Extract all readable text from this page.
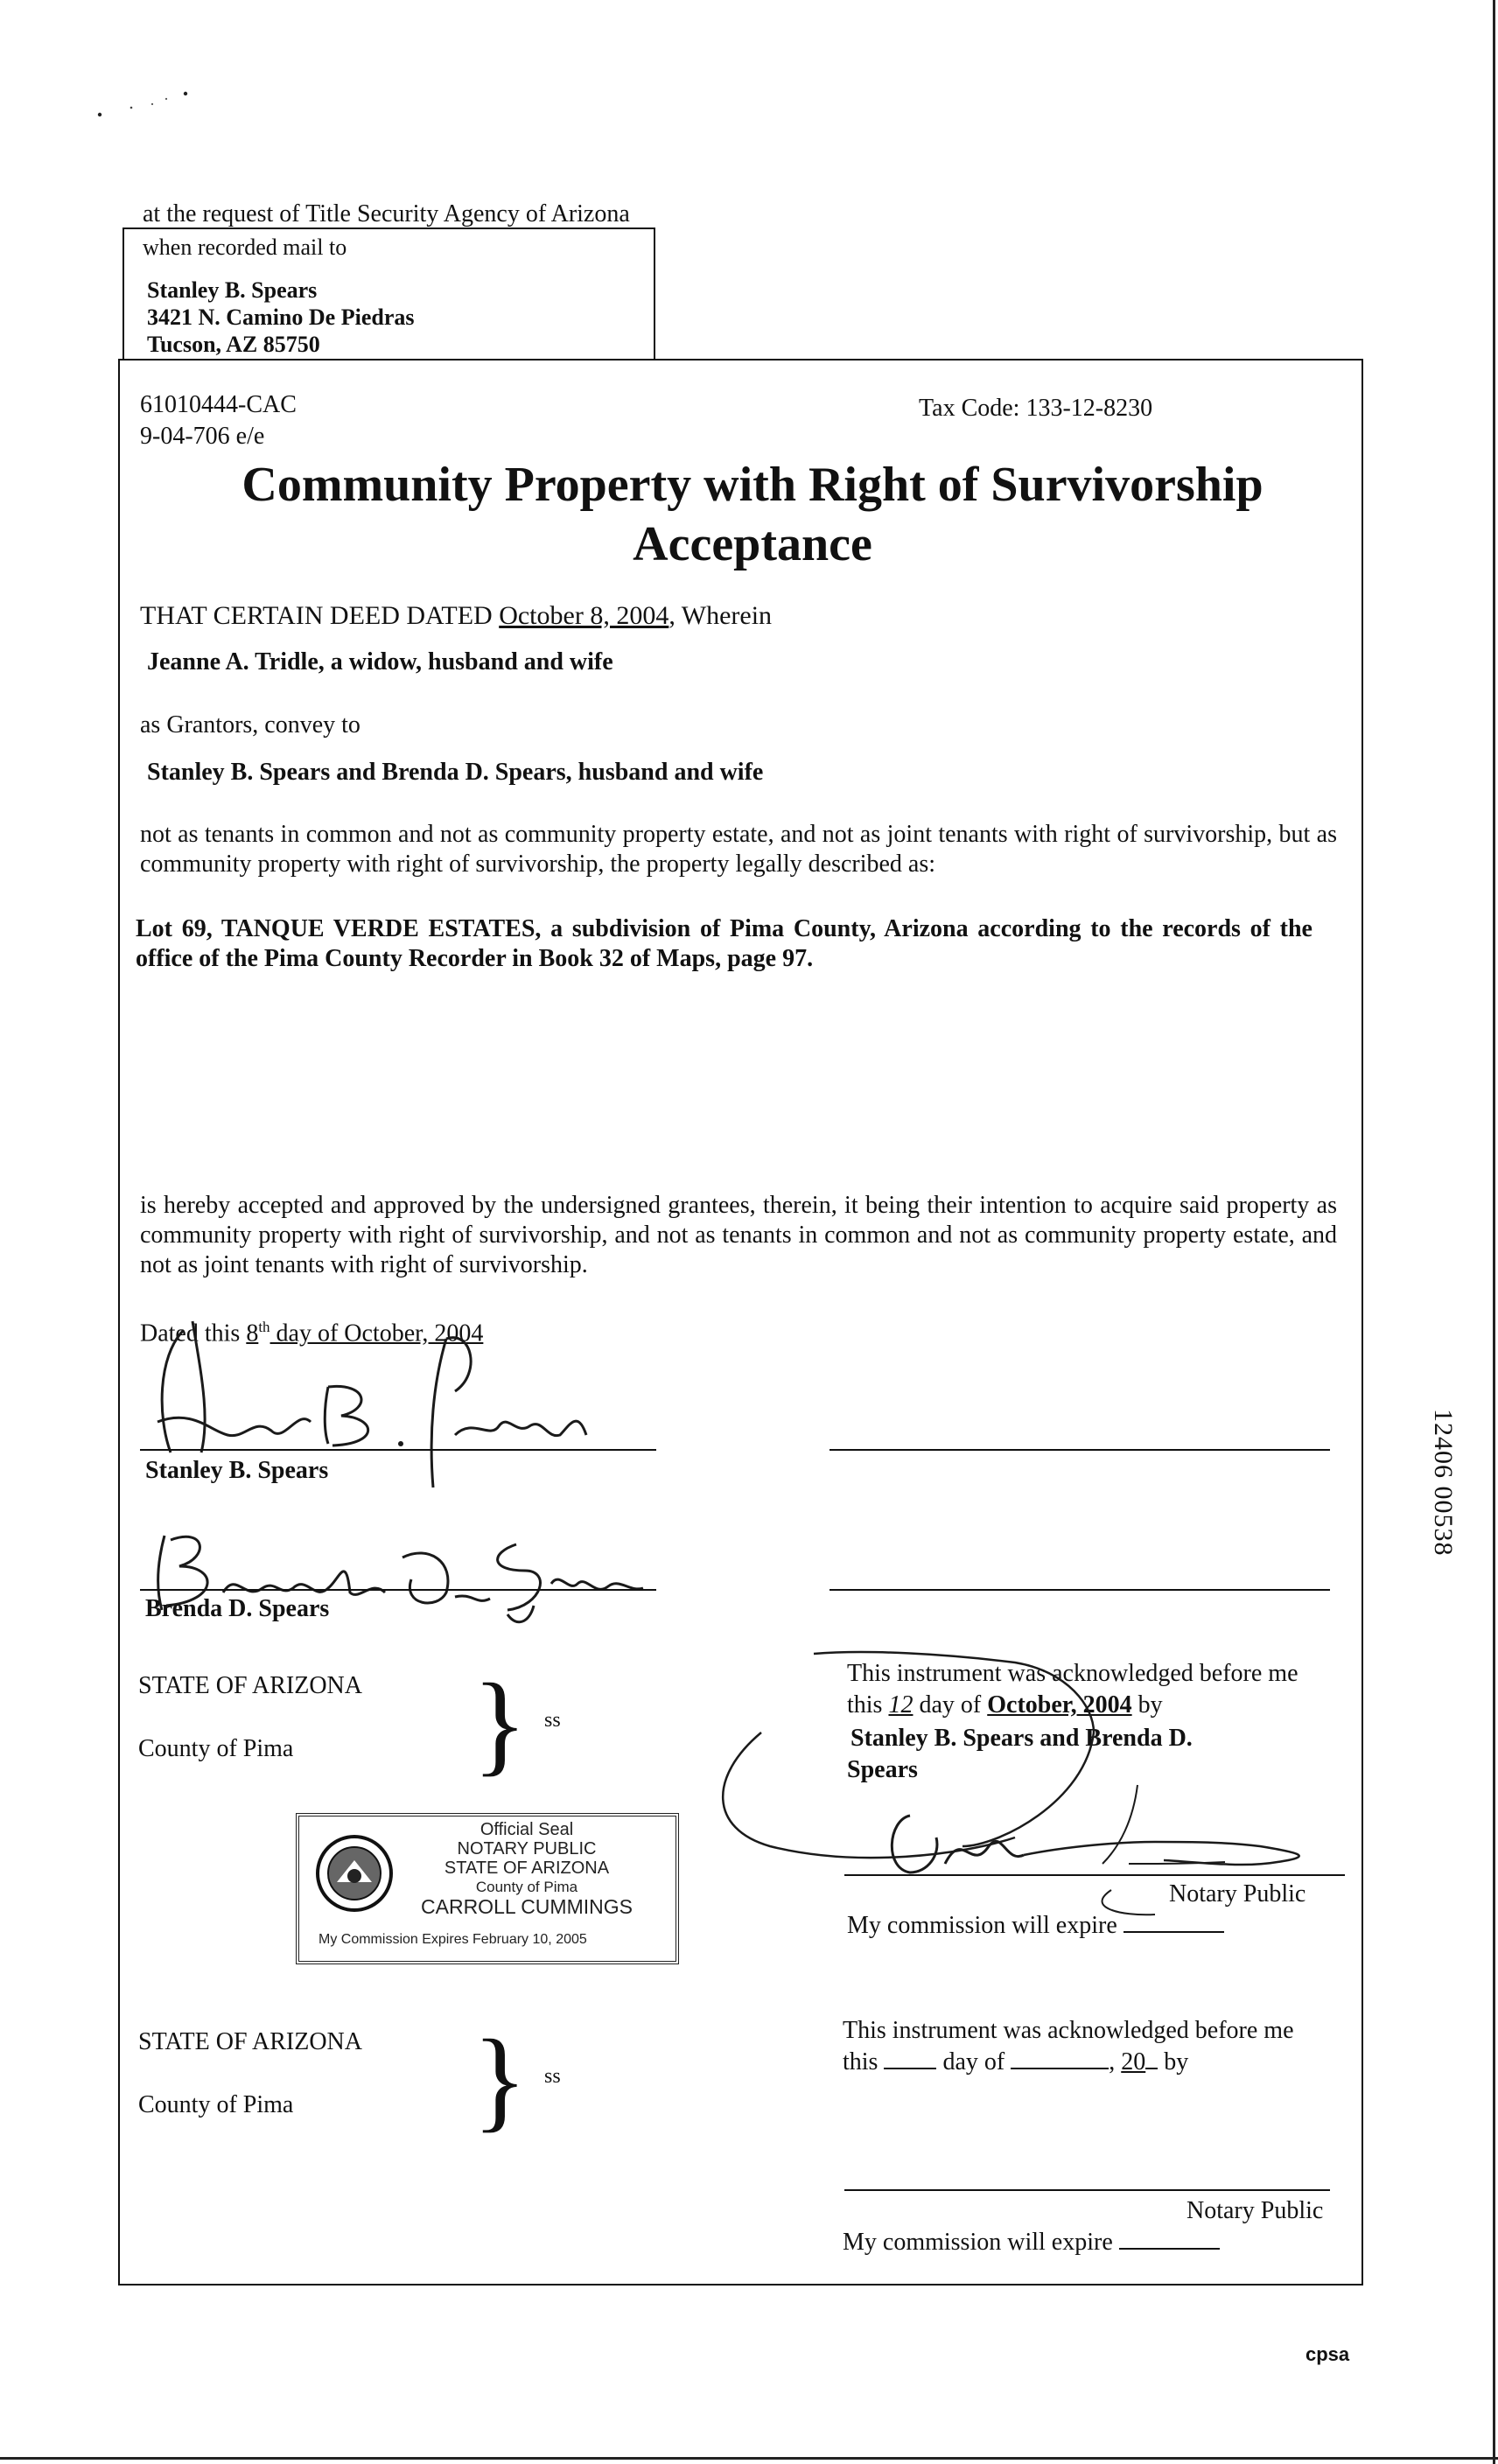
at the request of Title Security Agency of Arizona
when recorded mail to
Stanley B. Spears
3421 N. Camino De Piedras
Tucson, AZ 85750
61010444-CAC
9-04-706 e/e
Tax Code: 133-12-8230
Community Property with Right of Survivorship
Acceptance
THAT CERTAIN DEED DATED October 8, 2004, Wherein
Jeanne A. Tridle, a widow, husband and wife
as Grantors, convey to
Stanley B. Spears and Brenda D. Spears, husband and wife
not as tenants in common and not as community property estate, and not as joint tenants with right of survivorship, but as community property with right of survivorship, the property legally described as:
Lot 69, TANQUE VERDE ESTATES, a subdivision of Pima County, Arizona according to the records of the office of the Pima County Recorder in Book 32 of Maps, page 97.
is hereby accepted and approved by the undersigned grantees, therein, it being their intention to acquire said property as community property with right of survivorship, and not as tenants in common and not as community property estate, and not as joint tenants with right of survivorship.
Dated this 8th day of October, 2004
Stanley B. Spears
Brenda D. Spears
STATE OF ARIZONA
County of Pima } ss
Official Seal
NOTARY PUBLIC
STATE OF ARIZONA
County of Pima
CARROLL CUMMINGS
My Commission Expires February 10, 2005
This instrument was acknowledged before me
this 12 day of October, 2004 by
Stanley B. Spears and Brenda D.
Spears
Notary Public
My commission will expire
STATE OF ARIZONA
County of Pima } ss
This instrument was acknowledged before me
this	day of	, 20 by
Notary Public
My commission will expire
12406 00538
cpsa
